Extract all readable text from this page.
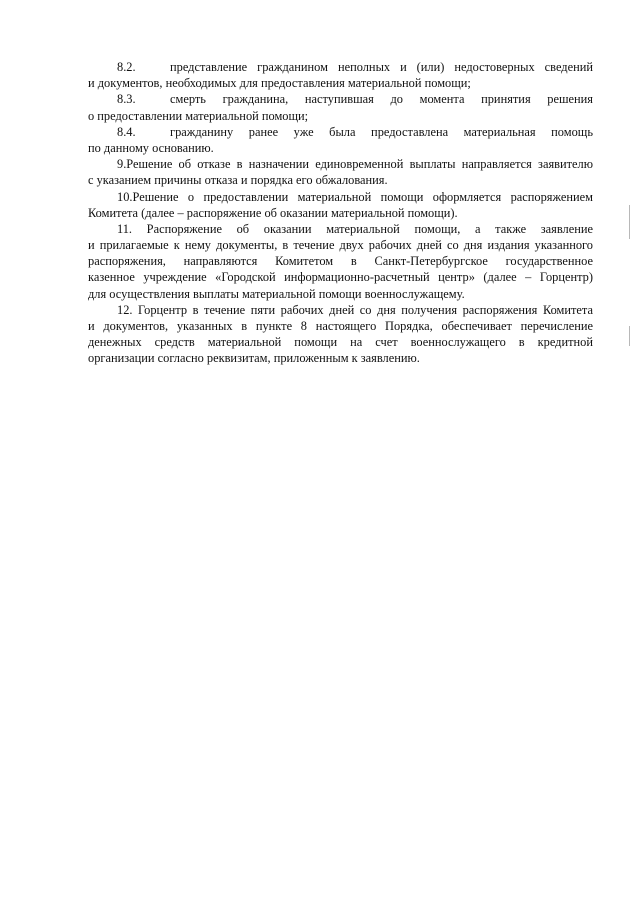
8.2.	представление гражданином неполных и (или) недостоверных сведений
и документов, необходимых для предоставления материальной помощи;
8.3.	смерть гражданина, наступившая до момента принятия решения
о предоставлении материальной помощи;
8.4.	гражданину ранее уже была предоставлена материальная помощь
по данному основанию.
9.Решение об отказе в назначении единовременной выплаты направляется заявителю
с указанием причины отказа и порядка его обжалования.
10.Решение о предоставлении материальной помощи оформляется распоряжением
Комитета (далее – распоряжение об оказании материальной помощи).
11. Распоряжение об оказании материальной помощи, а также заявление
и прилагаемые к нему документы, в течение двух рабочих дней со дня издания указанного
распоряжения, направляются Комитетом в Санкт-Петербургское государственное
казенное учреждение «Городской информационно-расчетный центр» (далее – Горцентр)
для осуществления выплаты материальной помощи военнослужащему.
12. Горцентр в течение пяти рабочих дней со дня получения распоряжения Комитета
и документов, указанных в пункте 8 настоящего Порядка, обеспечивает перечисление
денежных средств материальной помощи на счет военнослужащего в кредитной
организации согласно реквизитам, приложенным к заявлению.
